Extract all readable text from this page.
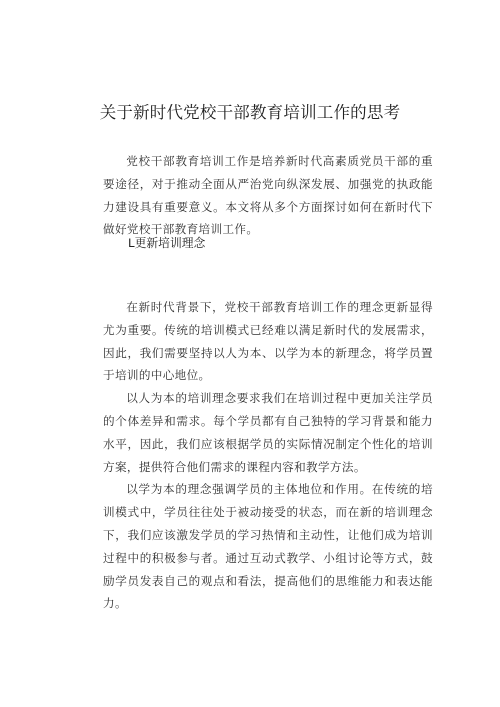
关于新时代党校干部教育培训工作的思考

党校干部教育培训工作是培养新时代高素质党员干部的重要途径，对于推动全面从严治党向纵深发展、加强党的执政能力建设具有重要意义。本文将从多个方面探讨如何在新时代下做好党校干部教育培训工作。

L更新培训理念

在新时代背景下，党校干部教育培训工作的理念更新显得尤为重要。传统的培训模式已经难以满足新时代的发展需求，因此，我们需要坚持以人为本、以学为本的新理念，将学员置于培训的中心地位。

以人为本的培训理念要求我们在培训过程中更加关注学员的个体差异和需求。每个学员都有自己独特的学习背景和能力水平，因此，我们应该根据学员的实际情况制定个性化的培训方案，提供符合他们需求的课程内容和教学方法。

以学为本的理念强调学员的主体地位和作用。在传统的培训模式中，学员往往处于被动接受的状态，而在新的培训理念下，我们应该激发学员的学习热情和主动性，让他们成为培训过程中的积极参与者。通过互动式教学、小组讨论等方式，鼓励学员发表自己的观点和看法，提高他们的思维能力和表达能力。
